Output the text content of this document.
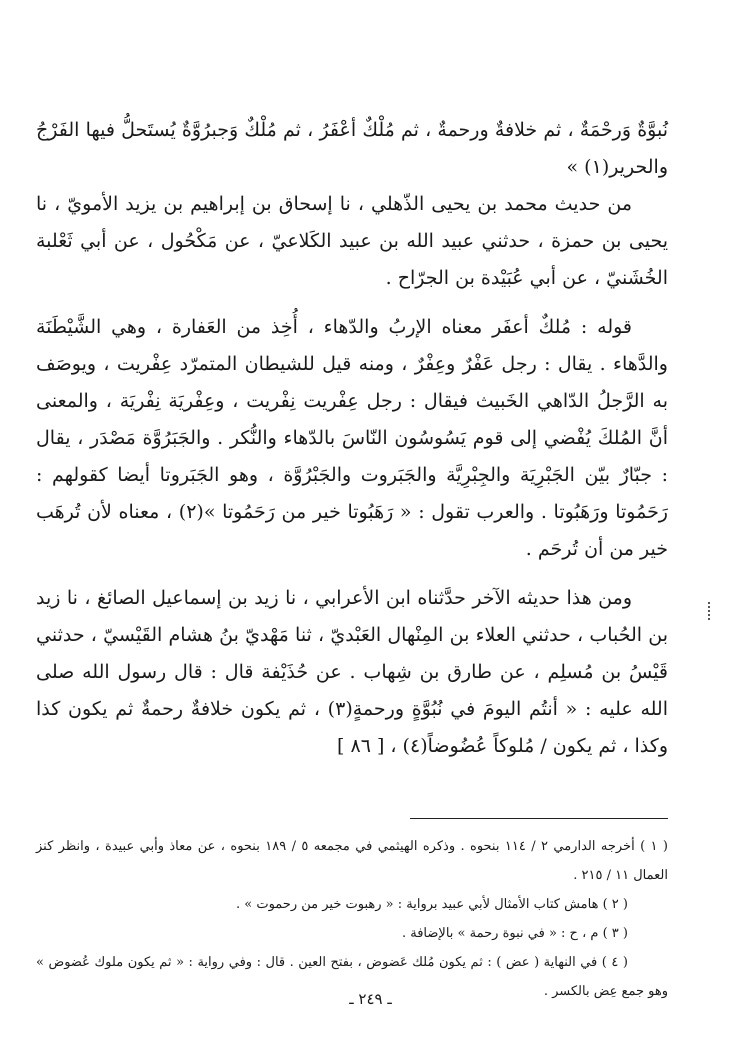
نُبوَّةٌ وَرحْمَةٌ ، ثم خلافةٌ ورحمةٌ ، ثم مُلْكٌ أعْفَرُ ، ثم مُلْكٌ وَجبرُوَّةٌ يُستَحلُّ فيها الفَرْجُ والحرير(١) »

من حديث محمد بن يحيى الذّهلي ، نا إسحاق بن إبراهيم بن يزيد الأمويّ ، نا يحيى بن حمزة ، حدثني عبيد الله بن عبيد الكَلاعيّ ، عن مَكْحُول ، عن أبي ثَعْلبة الخُشَنيّ ، عن أبي عُبَيْدة بن الجرّاح .

قوله : مُلكٌ أعفَر معناه الإربُ والدّهاء ، أُخِذ من العَفارة ، وهي الشَّيْطَنَة والدَّهاء . يقال : رجل عَفْرٌ وعِفْرٌ ، ومنه قيل للشيطان المتمرّد عِفْريت ، ويوصَف به الرَّجلُ الدّاهي الخَبيث فيقال : رجل عِفْريت نِفْريت ، وعِفْريَة نِفْريَة ، والمعنى أنَّ المُلكَ يُفْضي إلى قوم يَسُوسُون النّاسَ بالدّهاء والنُّكر . والجَبَرُوَّة مَصْدَر ، يقال : جبّارٌ بيّن الجَبْرِيَة والجِبْرِيَّة والجَبَروت والجَبْرُوَّة ، وهو الجَبَروتا أيضا كقولهم : رَحَمُوتا ورَهَبُوتا . والعرب تقول : « رَهَبُوتا خير من رَحَمُوتا »(٢) ، معناه لأن تُرهَب خير من أن تُرحَم .

ومن هذا حديثه الآخر حدَّثناه ابن الأعرابي ، نا زيد بن إسماعيل الصائغ ، نا زيد بن الحُباب ، حدثني العلاء بن المِنْهال العَبْديّ ، ثنا مَهْديّ بنُ هشام القَيْسيّ ، حدثني قَيْسُ بن مُسلِم ، عن طارق بن شِهاب . عن حُذَيْفة قال : قال رسول الله صلى الله عليه : « أنتُم اليومَ في نُبُوَّةٍ ورحمةٍ(٣) ، ثم يكون خلافةٌ رحمةٌ ثم يكون كذا وكذا ، ثم يكون / مُلوكاً عُضُوضاً(٤) ،[ ٨٦ ]

( ١ ) أخرجه الدارمي ٢ / ١١٤ بنحوه . وذكره الهيثمي في مجمعه ٥ / ١٨٩ بنحوه ، عن معاذ وأبي عبيدة ، وانظر كنز العمال ١١ / ٢١٥ .

( ٢ ) هامش كتاب الأمثال لأبي عبيد برواية : « رهبوت خير من رحموت » .

( ٣ ) م ، ح : « في نبوة رحمة » بالإضافة .

( ٤ ) في النهاية ( عض ) : ثم يكون مُلك عَضوض ، بفتح العين . قال : وفي رواية : « ثم يكون ملوك عُضوض » وهو جمع عِض بالكسر .

ـ ٢٤٩ ـ
